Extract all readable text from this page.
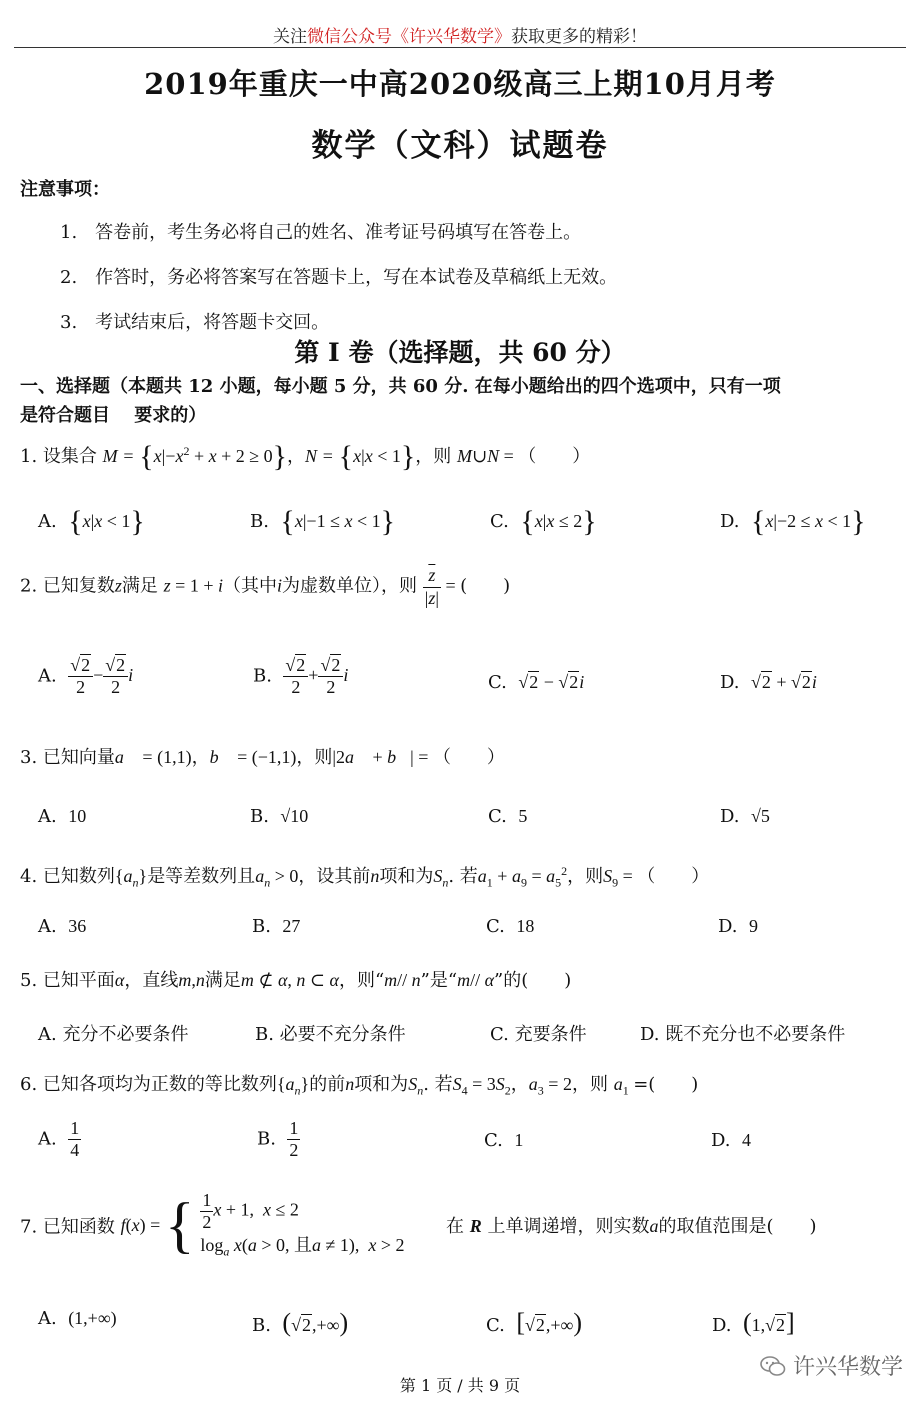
关注微信公众号《许兴华数学》获取更多的精彩！
2019年重庆一中高2020级高三上期10月月考
数学（文科）试题卷
注意事项：
1.　答卷前，考生务必将自己的姓名、准考证号码填写在答卷上。
2.　作答时，务必将答案写在答题卡上，写在本试卷及草稿纸上无效。
3.　考试结束后，将答题卡交回。
第 I 卷（选择题，共 60 分）
一、选择题（本题共 12 小题，每小题 5 分，共 60 分. 在每小题给出的四个选项中，只有一项
是符合题目　 要求的）
1. 设集合 $M = \{x|-x^2 + x + 2 \ge 0\}$，N = {x|x < 1}，则 M∪N = （　　）
A. {x|x < 1}	B. {x|−1 ≤ x < 1}	C. {x|x ≤ 2}	D. {x|−2 ≤ x < 1}
2. 已知复数z满足 z = 1 + i（其中i为虚数单位），则 $\frac{\overline{z}}{|z|}$ = (　　)
A. $\frac{√2}{2} - \frac{√2}{2}$ i	B. $\frac{√2}{2} + \frac{√2}{2}$ i	C. √2 − √2i	D. √2 + √2i
3. 已知向量a⃗ = (1,1)，b⃗ = (−1,1)，则|2a⃗ + b⃗| = （　　）
A. 10	B. √10	C. 5	D. √5
4. 已知数列$\{a_n\}$是等差数列且$a_n > 0$，设其前n项和为$S_n$. 若$a_1 + a_9 = a_5^2$，则$S_9$ = （　　）
A. 36	B. 27	C. 18	D. 9
5. 已知平面α，直线m,n满足m ⊄ α, n ⊂ α，则“m// n”是“m// α”的(　　)
A. 充分不必要条件	B. 必要不充分条件	C. 充要条件	D. 既不充分也不必要条件
6. 已知各项均为正数的等比数列$\{a_n\}$的前n项和为$S_n$. 若$S_4 = 3S_2$，$a_3 = 2$，则 $a_1$ =(　　)
A. $\frac{1}{4}$	B. $\frac{1}{2}$	C. 1	D. 4
7. 已知函数 f(x) = { $\frac{1}{2}$ x + 1,  x ≤ 2
$\log_a x(a > 0$, 且a ≠ 1),  x > 2
在 R 上单调递增，则实数a的取值范围是(　　)
A. (1,+∞)	B. (√2,+∞)	C. [√2,+∞)	D. (1,√2]
许兴华数学
第 1 页 / 共 9 页
